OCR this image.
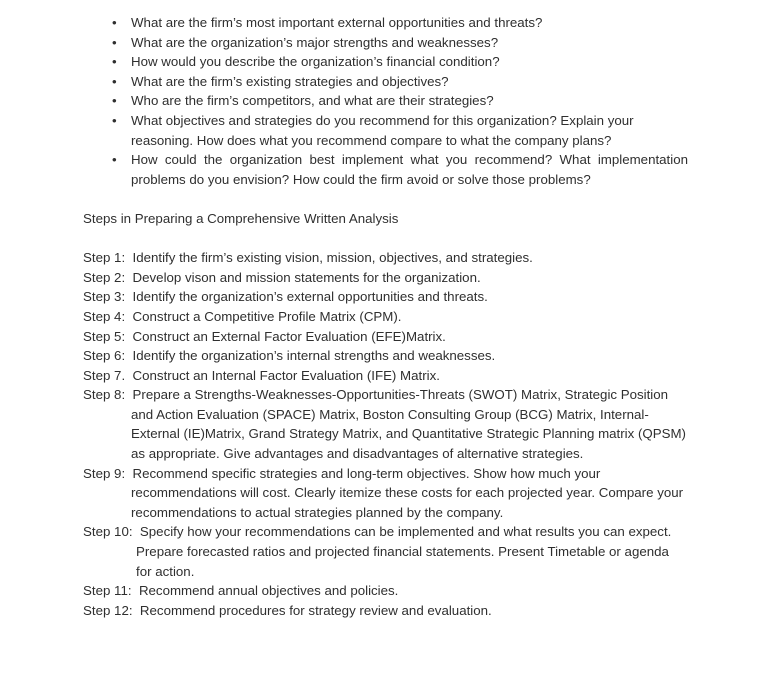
• What are the firm’s most important external opportunities and threats?
• What are the organization’s major strengths and weaknesses?
• How would you describe the organization’s financial condition?
• What are the firm’s existing strategies and objectives?
• Who are the firm’s competitors, and what are their strategies?
• What objectives and strategies do you recommend for this organization? Explain your reasoning. How does what you recommend compare to what the company plans?
• How could the organization best implement what you recommend? What implementation problems do you envision? How could the firm avoid or solve those problems?

Steps in Preparing a Comprehensive Written Analysis

Step 1:  Identify the firm’s existing vision, mission, objectives, and strategies.
Step 2:  Develop vison and mission statements for the organization.
Step 3:  Identify the organization’s external opportunities and threats.
Step 4:  Construct a Competitive Profile Matrix (CPM).
Step 5:  Construct an External Factor Evaluation (EFE)Matrix.
Step 6:  Identify the organization’s internal strengths and weaknesses.
Step 7.  Construct an Internal Factor Evaluation (IFE) Matrix.
Step 8:  Prepare a Strengths-Weaknesses-Opportunities-Threats (SWOT) Matrix, Strategic Position and Action Evaluation (SPACE) Matrix, Boston Consulting Group (BCG) Matrix, Internal-External (IE)Matrix, Grand Strategy Matrix, and Quantitative Strategic Planning matrix (QPSM) as appropriate. Give advantages and disadvantages of alternative strategies.
Step 9:  Recommend specific strategies and long-term objectives. Show how much your recommendations will cost. Clearly itemize these costs for each projected year. Compare your recommendations to actual strategies planned by the company.
Step 10:  Specify how your recommendations can be implemented and what results you can expect. Prepare forecasted ratios and projected financial statements. Present Timetable or agenda for action.
Step 11:  Recommend annual objectives and policies.
Step 12:  Recommend procedures for strategy review and evaluation.
